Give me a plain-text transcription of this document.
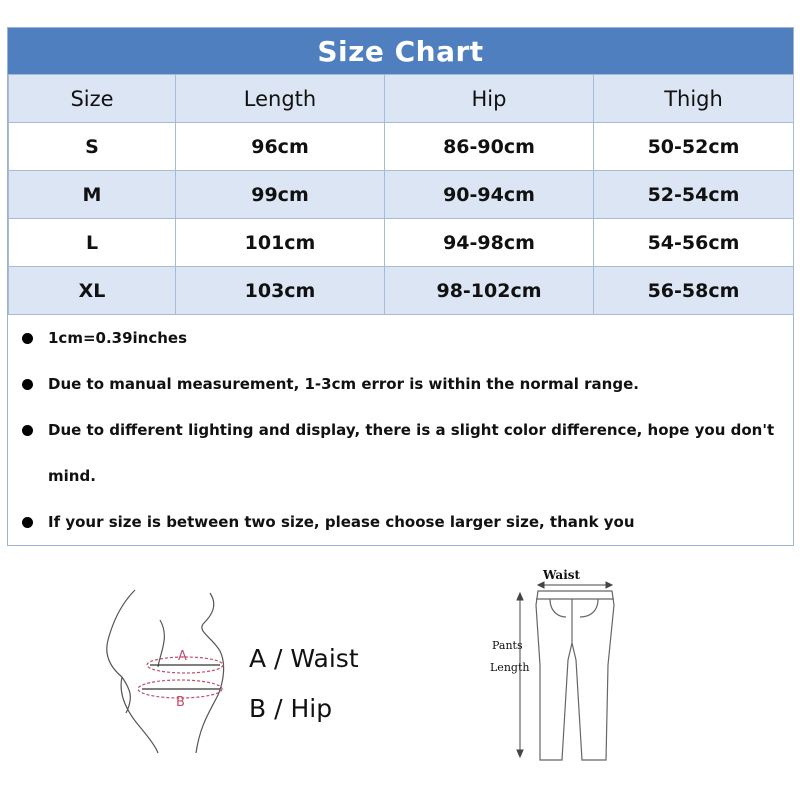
Size Chart
Size	Length	Hip	Thigh
S	96cm	86-90cm	50-52cm
M	99cm	90-94cm	52-54cm
L	101cm	94-98cm	54-56cm
XL	103cm	98-102cm	56-58cm
1cm=0.39inches
Due to manual measurement, 1-3cm error is within the normal range.
Due to different lighting and display, there is a slight color difference, hope you don't mind.
If your size is between two size, please choose larger size, thank you
A
B
A / Waist
B / Hip
Waist
Pants
Length
